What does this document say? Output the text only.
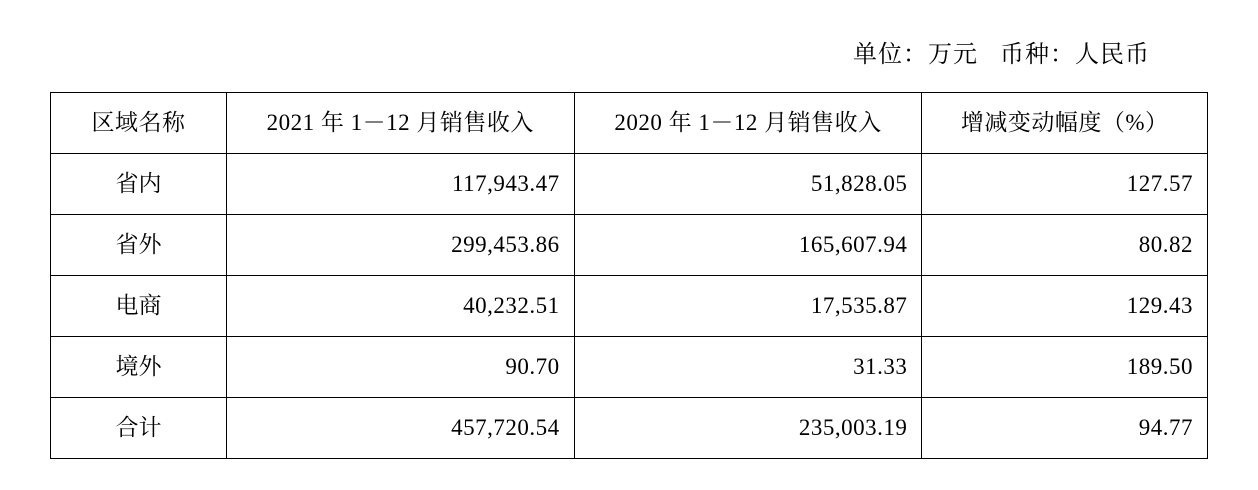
单位：万元 币种：人民币
区域名称	2021 年 1－12 月销售收入	2020 年 1－12 月销售收入	增减变动幅度（%）
省内	117,943.47	51,828.05	127.57
省外	299,453.86	165,607.94	80.82
电商	40,232.51	17,535.87	129.43
境外	90.70	31.33	189.50
合计	457,720.54	235,003.19	94.77
